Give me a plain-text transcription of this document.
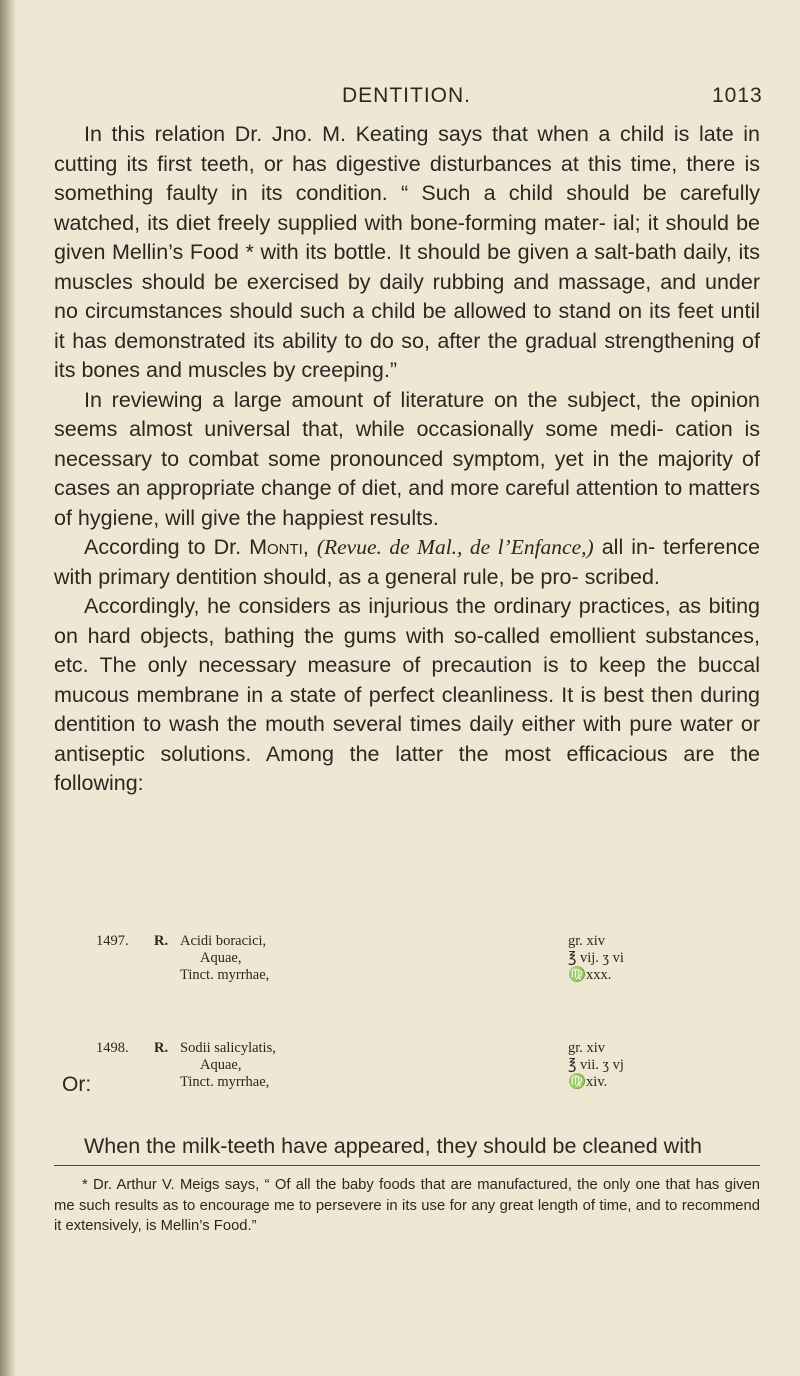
DENTITION.	1013

In this relation Dr. Jno. M. Keating says that when a child is late in cutting its first teeth, or has digestive disturbances at this time, there is something faulty in its condition. “ Such a child should be carefully watched, its diet freely supplied with bone-forming mater- ial; it should be given Mellin’s Food * with its bottle. It should be given a salt-bath daily, its muscles should be exercised by daily rubbing and massage, and under no circumstances should such a child be allowed to stand on its feet until it has demonstrated its ability to do so, after the gradual strengthening of its bones and muscles by creeping.”

In reviewing a large amount of literature on the subject, the opinion seems almost universal that, while occasionally some medi- cation is necessary to combat some pronounced symptom, yet in the majority of cases an appropriate change of diet, and more careful attention to matters of hygiene, will give the happiest results.

According to Dr. Monti, (Revue. de Mal., de l’Enfance,) all in- terference with primary dentition should, as a general rule, be pro- scribed.

Accordingly, he considers as injurious the ordinary practices, as biting on hard objects, bathing the gums with so-called emollient substances, etc. The only necessary measure of precaution is to keep the buccal mucous membrane in a state of perfect cleanliness. It is best then during dentition to wash the mouth several times daily either with pure water or antiseptic solutions. Among the latter the most efficacious are the following:

1497. R. Acidi boracici,	gr. xiv
Aquae,	℥ vij. ʒ vi
Tinct. myrrhae,	♍xxx.
Or:
1498. R. Sodii salicylatis,	gr. xiv
Aquae,	℥ vii. ʒ vj
Tinct. myrrhae,	♍xiv.
When the milk-teeth have appeared, they should be cleaned with
* Dr. Arthur V. Meigs says, “ Of all the baby foods that are manufactured, the only one that has given me such results as to encourage me to persevere in its use for any great length of time, and to recommend it extensively, is Mellin’s Food.”
